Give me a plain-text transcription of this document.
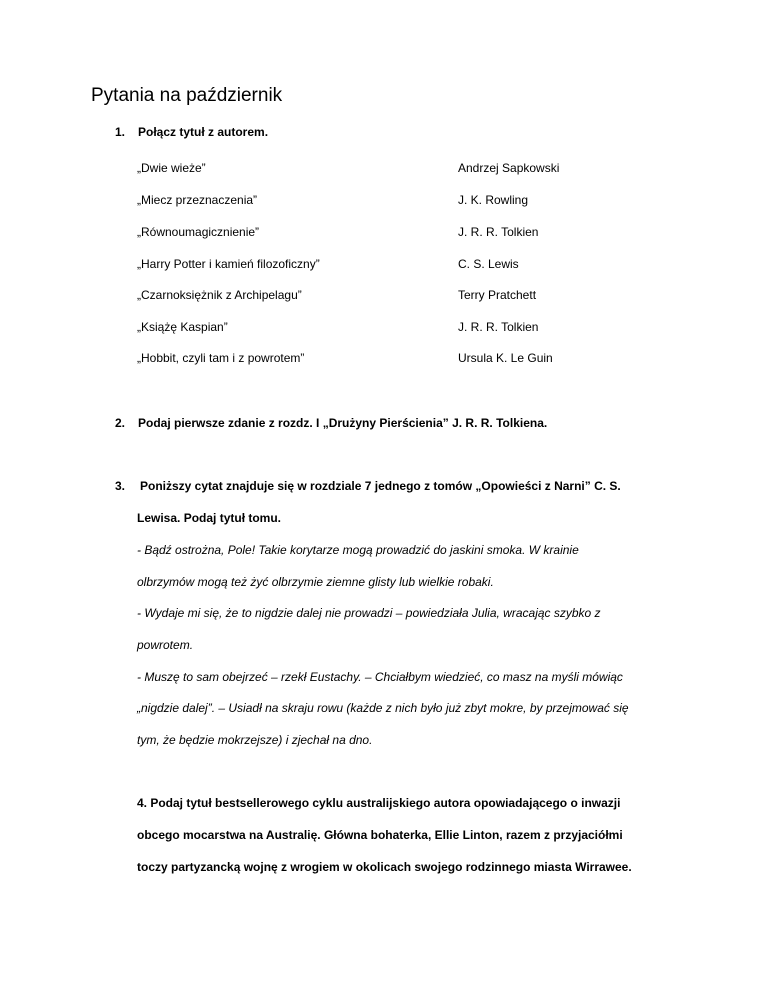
Pytania na październik
1. Połącz tytuł z autorem.
„Dwie wieże”	Andrzej Sapkowski
„Miecz przeznaczenia”	J. K. Rowling
„Równoumagicznienie”	J. R. R. Tolkien
„Harry Potter i kamień filozoficzny”	C. S. Lewis
„Czarnoksiężnik z Archipelagu”	Terry Pratchett
„Książę Kaspian”	J. R. R. Tolkien
„Hobbit, czyli tam i z powrotem”	Ursula K. Le Guin
2. Podaj pierwsze zdanie z rozdz. I „Drużyny Pierścienia” J. R. R. Tolkiena.
3. Poniższy cytat znajduje się w rozdziale 7 jednego z tomów „Opowieści z Narni” C. S.
Lewisa. Podaj tytuł tomu.
- Bądź ostrożna, Pole! Takie korytarze mogą prowadzić do jaskini smoka. W krainie
olbrzymów mogą też żyć olbrzymie ziemne glisty lub wielkie robaki.
- Wydaje mi się, że to nigdzie dalej nie prowadzi – powiedziała Julia, wracając szybko z
powrotem.
- Muszę to sam obejrzeć – rzekł Eustachy. – Chciałbym wiedzieć, co masz na myśli mówiąc
„nigdzie dalej”. – Usiadł na skraju rowu (każde z nich było już zbyt mokre, by przejmować się
tym, że będzie mokrzejsze) i zjechał na dno.
4. Podaj tytuł bestsellerowego cyklu australijskiego autora opowiadającego o inwazji
obcego mocarstwa na Australię. Główna bohaterka, Ellie Linton, razem z przyjaciółmi
toczy partyzancką wojnę z wrogiem w okolicach swojego rodzinnego miasta Wirrawee.
